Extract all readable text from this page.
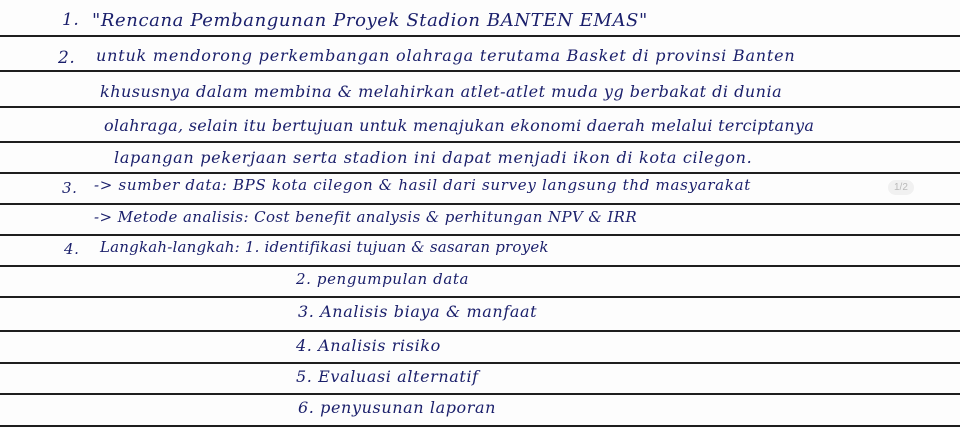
1. "Rencana Pembangunan Proyek Stadion BANTEN EMAS"
2. untuk mendorong perkembangan olahraga terutama Basket di provinsi Banten
khususnya dalam membina & melahirkan atlet-atlet muda yg berbakat di dunia
olahraga, selain itu bertujuan untuk menajukan ekonomi daerah melalui terciptanya
lapangan pekerjaan serta stadion ini dapat menjadi ikon di kota cilegon.
3. -> sumber data: BPS kota cilegon & hasil dari survey langsung thd masyarakat
-> Metode analisis: Cost benefit analysis & perhitungan NPV & IRR
4. Langkah-langkah: 1. identifikasi tujuan & sasaran proyek
2. pengumpulan data
3. Analisis biaya & manfaat
4. Analisis risiko
5. Evaluasi alternatif
6. penyusunan laporan
1/2
